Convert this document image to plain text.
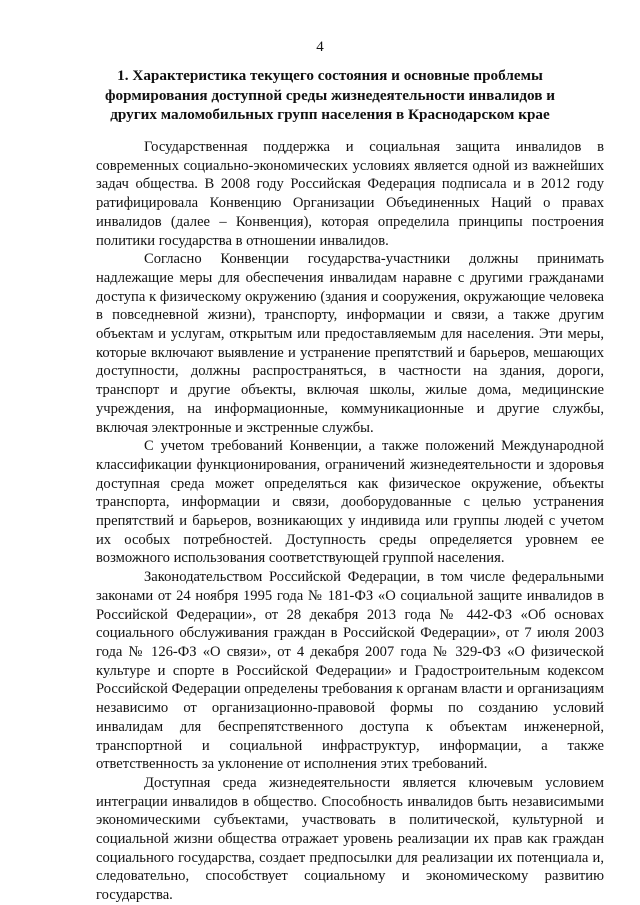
4
1. Характеристика текущего состояния и основные проблемы формирования доступной среды жизнедеятельности инвалидов и других маломобильных групп населения в Краснодарском крае

Государственная поддержка и социальная защита инвалидов в современных социально-экономических условиях является одной из важнейших задач общества. В 2008 году Российская Федерация подписала и в 2012 году ратифицировала Конвенцию Организации Объединенных Наций о правах инвалидов (далее – Конвенция), которая определила принципы построения политики государства в отношении инвалидов.

Согласно Конвенции государства-участники должны принимать надлежащие меры для обеспечения инвалидам наравне с другими гражданами доступа к физическому окружению (здания и сооружения, окружающие человека в повседневной жизни), транспорту, информации и связи, а также другим объектам и услугам, открытым или предоставляемым для населения. Эти меры, которые включают выявление и устранение препятствий и барьеров, мешающих доступности, должны распространяться, в частности на здания, дороги, транспорт и другие объекты, включая школы, жилые дома, медицинские учреждения, на информационные, коммуникационные и другие службы, включая электронные и экстренные службы.

С учетом требований Конвенции, а также положений Международной классификации функционирования, ограничений жизнедеятельности и здоровья доступная среда может определяться как физическое окружение, объекты транспорта, информации и связи, дооборудованные с целью устранения препятствий и барьеров, возникающих у индивида или группы людей с учетом их особых потребностей. Доступность среды определяется уровнем ее возможного использования соответствующей группой населения.

Законодательством Российской Федерации, в том числе федеральными законами от 24 ноября 1995 года № 181-ФЗ «О социальной защите инвалидов в Российской Федерации», от 28 декабря 2013 года № 442-ФЗ «Об основах социального обслуживания граждан в Российской Федерации», от 7 июля 2003 года № 126-ФЗ «О связи», от 4 декабря 2007 года № 329-ФЗ «О физической культуре и спорте в Российской Федерации» и Градостроительным кодексом Российской Федерации определены требования к органам власти и организациям независимо от организационно-правовой формы по созданию условий инвалидам для беспрепятственного доступа к объектам инженерной, транспортной и социальной инфраструктур, информации, а также ответственность за уклонение от исполнения этих требований.

Доступная среда жизнедеятельности является ключевым условием интеграции инвалидов в общество. Способность инвалидов быть независимыми экономическими субъектами, участвовать в политической, культурной и социальной жизни общества отражает уровень реализации их прав как граждан социального государства, создает предпосылки для реализации их потенциала и, следовательно, способствует социальному и экономическому развитию государства.
